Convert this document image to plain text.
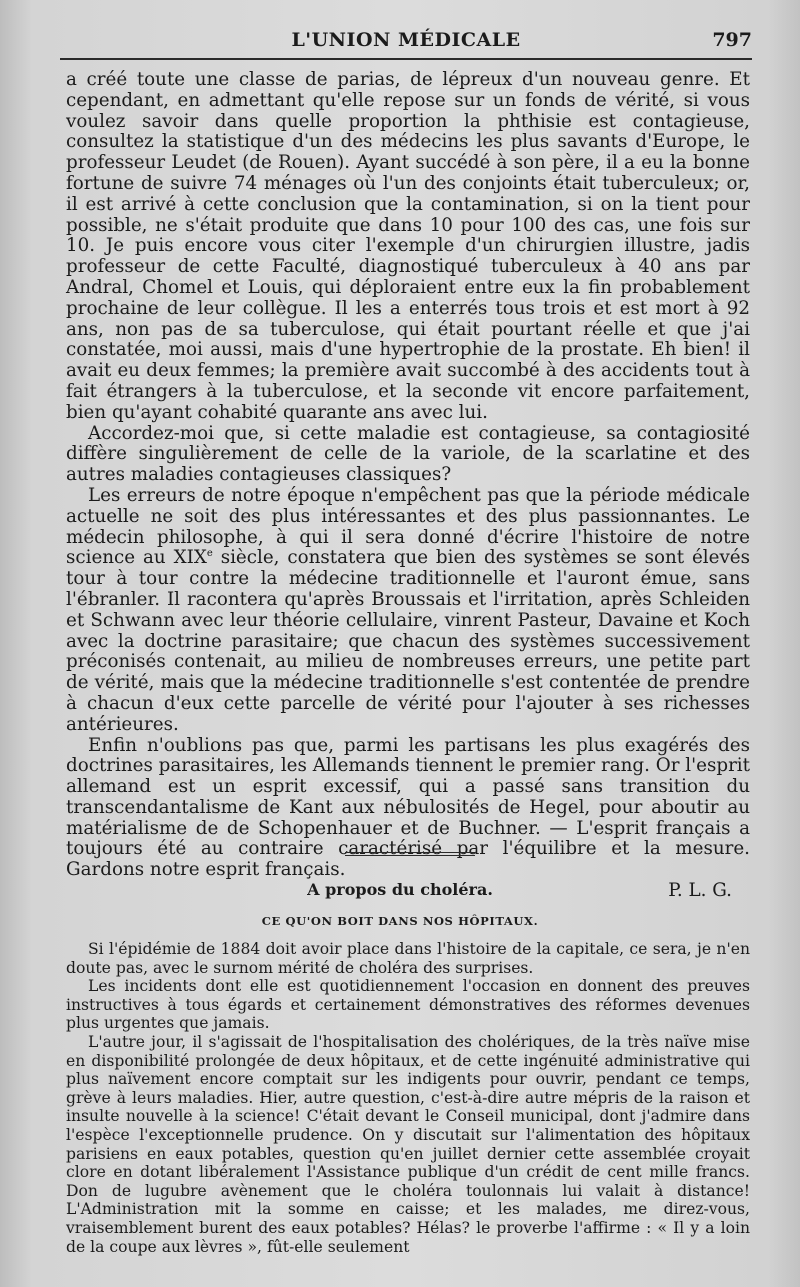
L'UNION MÉDICALE	797

a créé toute une classe de parias, de lépreux d'un nouveau genre. Et cependant, en admettant qu'elle repose sur un fonds de vérité, si vous voulez savoir dans quelle proportion la phthisie est contagieuse, consultez la statistique d'un des médecins les plus savants d'Europe, le professeur Leudet (de Rouen). Ayant succédé à son père, il a eu la bonne fortune de suivre 74 ménages où l'un des conjoints était tuberculeux; or, il est arrivé à cette conclusion que la contamination, si on la tient pour possible, ne s'était produite que dans 10 pour 100 des cas, une fois sur 10. Je puis encore vous citer l'exemple d'un chirurgien illustre, jadis professeur de cette Faculté, diagnostiqué tuberculeux à 40 ans par Andral, Chomel et Louis, qui déploraient entre eux la fin probablement prochaine de leur collègue. Il les a enterrés tous trois et est mort à 92 ans, non pas de sa tuberculose, qui était pourtant réelle et que j'ai constatée, moi aussi, mais d'une hypertrophie de la prostate. Eh bien! il avait eu deux femmes; la première avait succombé à des accidents tout à fait étrangers à la tuberculose, et la seconde vit encore parfaitement, bien qu'ayant cohabité quarante ans avec lui.

Accordez-moi que, si cette maladie est contagieuse, sa contagiosité diffère singulièrement de celle de la variole, de la scarlatine et des autres maladies contagieuses classiques?

Les erreurs de notre époque n'empêchent pas que la période médicale actuelle ne soit des plus intéressantes et des plus passionnantes. Le médecin philosophe, à qui il sera donné d'écrire l'histoire de notre science au XIXe siècle, constatera que bien des systèmes se sont élevés tour à tour contre la médecine traditionnelle et l'auront émue, sans l'ébranler. Il racontera qu'après Broussais et l'irritation, après Schleiden et Schwann avec leur théorie cellulaire, vinrent Pasteur, Davaine et Koch avec la doctrine parasitaire; que chacun des systèmes successivement préconisés contenait, au milieu de nombreuses erreurs, une petite part de vérité, mais que la médecine traditionnelle s'est contentée de prendre à chacun d'eux cette parcelle de vérité pour l'ajouter à ses richesses antérieures.

Enfin n'oublions pas que, parmi les partisans les plus exagérés des doctrines parasitaires, les Allemands tiennent le premier rang. Or l'esprit allemand est un esprit excessif, qui a passé sans transition du transcendantalisme de Kant aux nébulosités de Hegel, pour aboutir au matérialisme de de Schopenhauer et de Buchner. — L'esprit français a toujours été au contraire caractérisé par l'équilibre et la mesure. Gardons notre esprit français.

P. L. G.
A propos du choléra.
CE QU'ON BOIT DANS NOS HÔPITAUX.

Si l'épidémie de 1884 doit avoir place dans l'histoire de la capitale, ce sera, je n'en doute pas, avec le surnom mérité de choléra des surprises.

Les incidents dont elle est quotidiennement l'occasion en donnent des preuves instructives à tous égards et certainement démonstratives des réformes devenues plus urgentes que jamais.

L'autre jour, il s'agissait de l'hospitalisation des cholériques, de la très naïve mise en disponibilité prolongée de deux hôpitaux, et de cette ingénuité administrative qui plus naïvement encore comptait sur les indigents pour ouvrir, pendant ce temps, grève à leurs maladies. Hier, autre question, c'est-à-dire autre mépris de la raison et insulte nouvelle à la science! C'était devant le Conseil municipal, dont j'admire dans l'espèce l'exceptionnelle prudence. On y discutait sur l'alimentation des hôpitaux parisiens en eaux potables, question qu'en juillet dernier cette assemblée croyait clore en dotant libéralement l'Assistance publique d'un crédit de cent mille francs. Don de lugubre avènement que le choléra toulonnais lui valait à distance! L'Administration mit la somme en caisse; et les malades, me direz-vous, vraisemblement burent des eaux potables? Hélas? le proverbe l'affirme : « Il y a loin de la coupe aux lèvres », fût-elle seulement
